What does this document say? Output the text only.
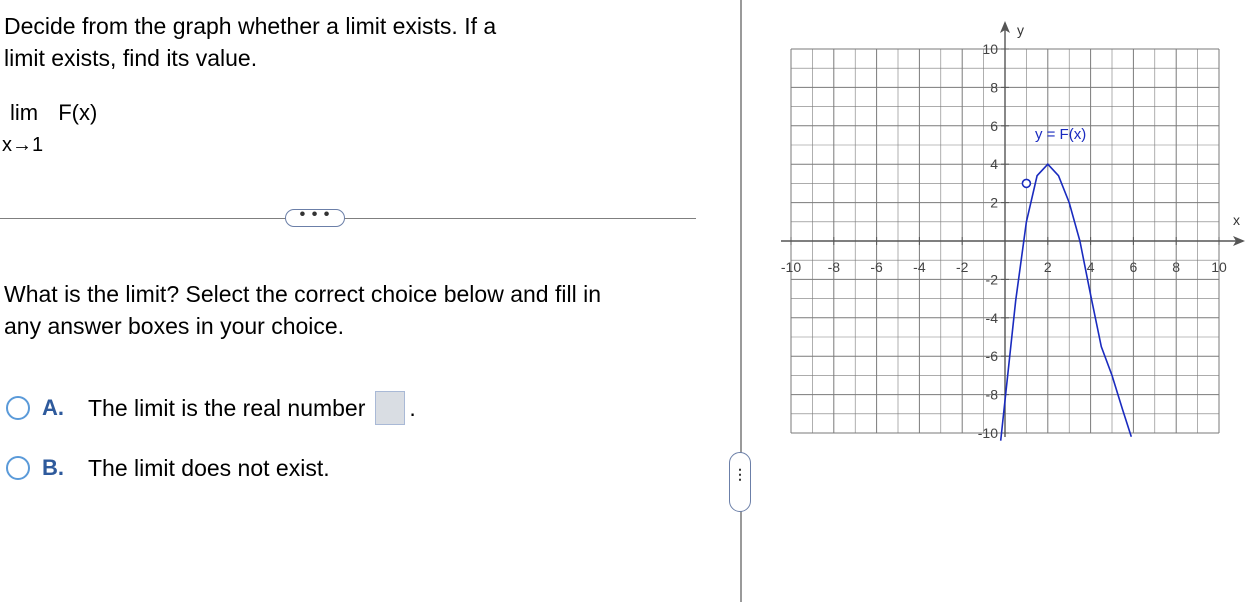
Decide from the graph whether a limit exists. If a
limit exists, find its value.
lim F(x)
x→1
• • •
What is the limit? Select the correct choice below and fill in
any answer boxes in your choice.
A.	The limit is the real number .
B.	The limit does not exist.	⋮
x
y
-10 -8 -6 -4 -2	2	4	6	8 10
10
8
6
4
2
-2
-4
-6
-8
-10
y = F(x)
